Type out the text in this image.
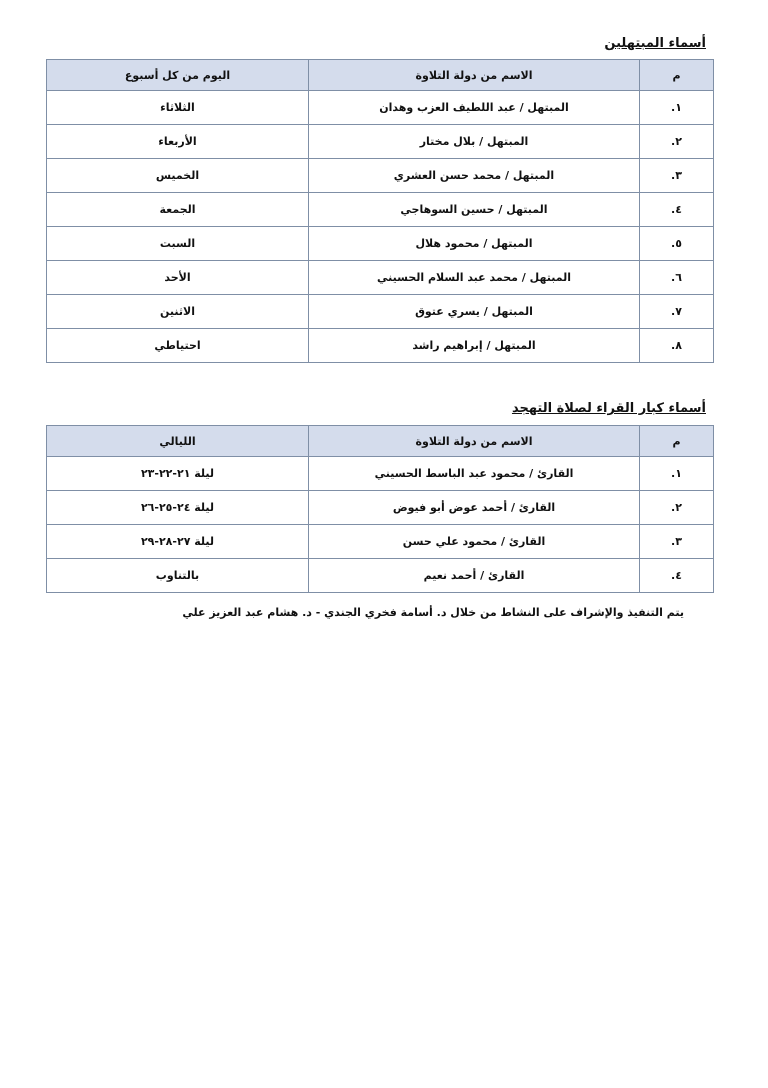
أسماء المبتهلين
م	الاسم من دولة التلاوة	اليوم من كل أسبوع
١.	المبتهل / عبد اللطيف العزب وهدان	الثلاثاء
٢.	المبتهل / بلال مختار	الأربعاء
٣.	المبتهل / محمد حسن العشري	الخميس
٤.	المبتهل / حسين السوهاجي	الجمعة
٥.	المبتهل / محمود هلال	السبت
٦.	المبتهل / محمد عبد السلام الحسيني	الأحد
٧.	المبتهل / يسري عتوق	الاثنين
٨.	المبتهل / إبراهيم راشد	احتياطي
أسماء كبار القراء لصلاة التهجد
م	الاسم من دولة التلاوة	الليالي
١.	القارئ / محمود عبد الباسط الحسيني	ليلة ٢١-٢٢-٢٣
٢.	القارئ / أحمد عوض أبو فيوض	ليلة ٢٤-٢٥-٢٦
٣.	القارئ / محمود علي حسن	ليلة ٢٧-٢٨-٢٩
٤.	القارئ / أحمد نعيم	بالتناوب
يتم التنفيذ والإشراف على النشاط من خلال د. أسامة فخري الجندي - د. هشام عبد العزيز علي
